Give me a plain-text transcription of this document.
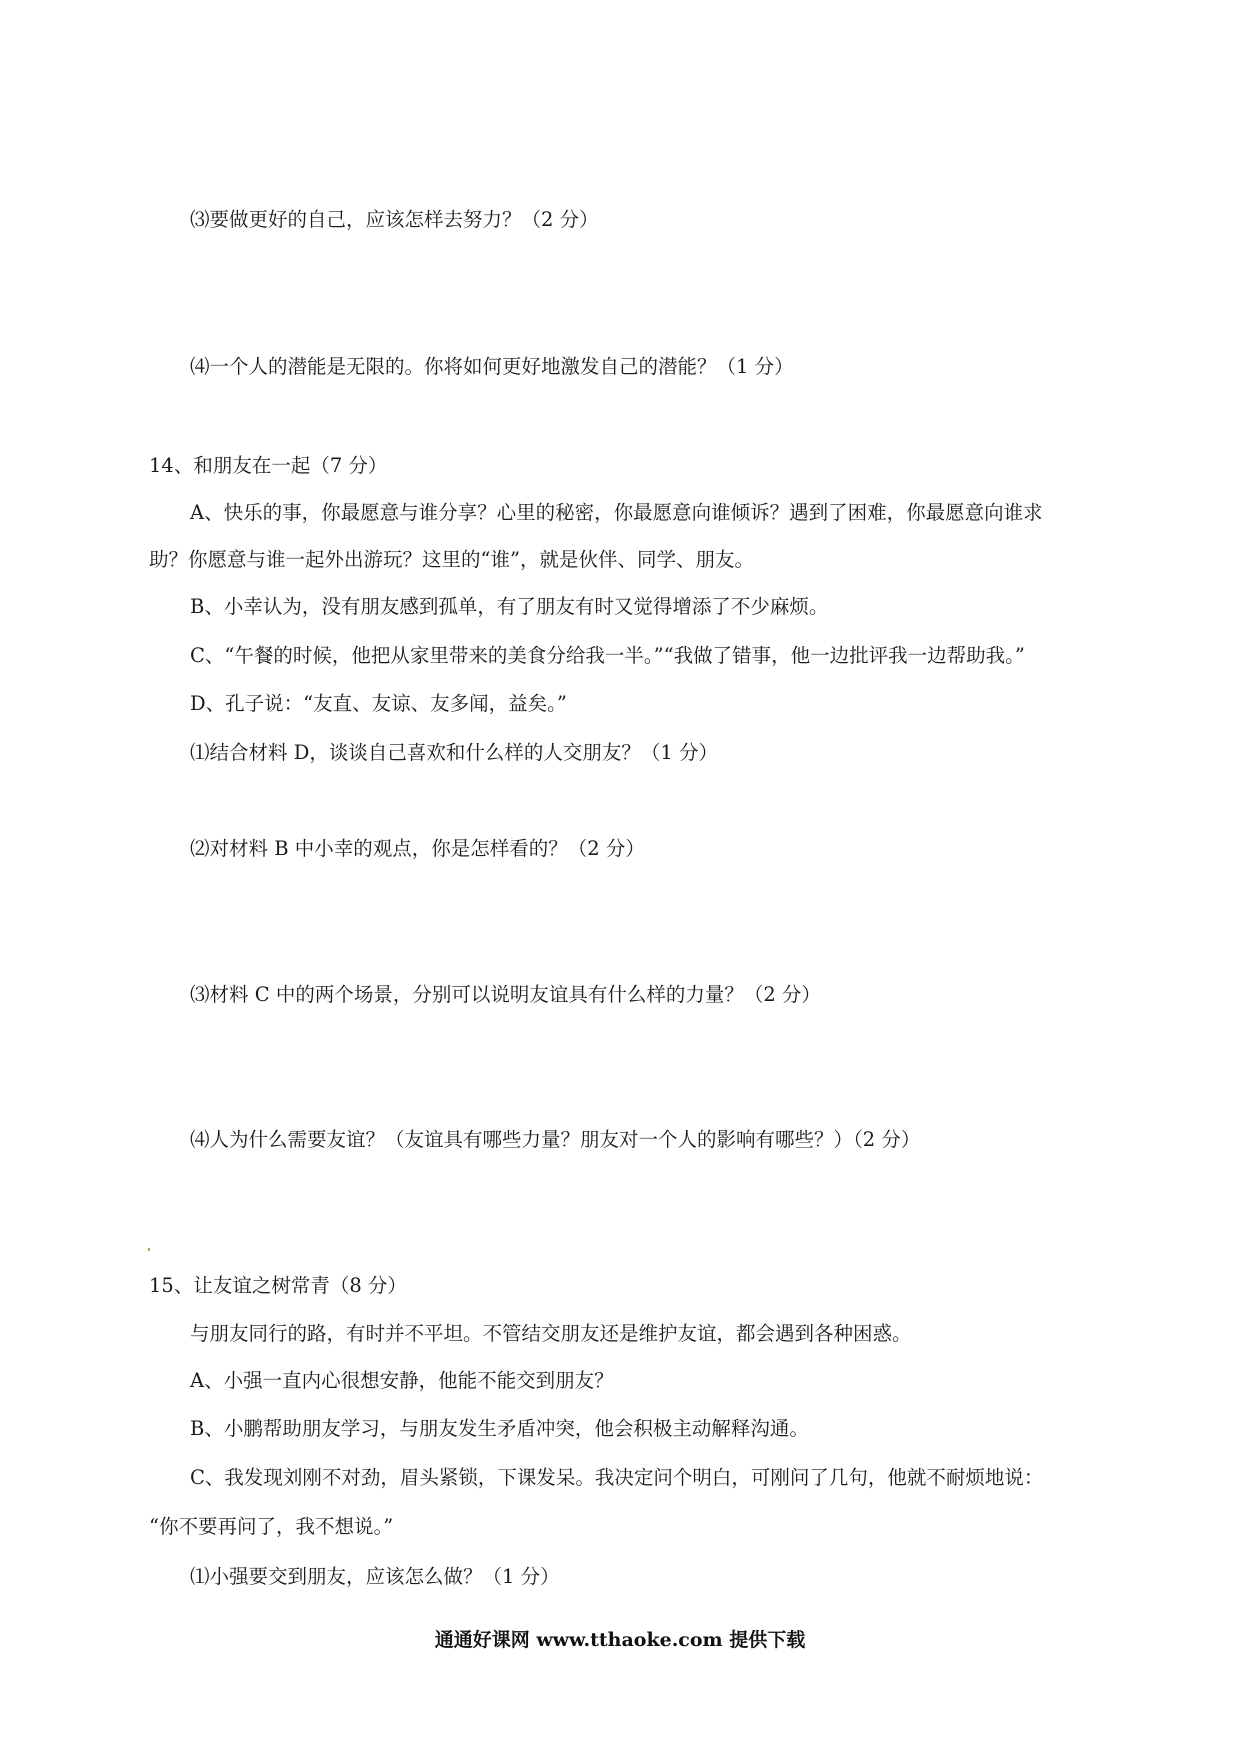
⑶要做更好的自己，应该怎样去努力？（2 分）
⑷一个人的潜能是无限的。你将如何更好地激发自己的潜能？（1 分）
14、和朋友在一起（7 分）
A、快乐的事，你最愿意与谁分享？心里的秘密，你最愿意向谁倾诉？遇到了困难，你最愿意向谁求
助？你愿意与谁一起外出游玩？这里的“谁”，就是伙伴、同学、朋友。
B、小幸认为，没有朋友感到孤单，有了朋友有时又觉得增添了不少麻烦。
C、“午餐的时候，他把从家里带来的美食分给我一半。”“我做了错事，他一边批评我一边帮助我。”
D、孔子说：“友直、友谅、友多闻，益矣。”
⑴结合材料 D，谈谈自己喜欢和什么样的人交朋友？（1 分）
⑵对材料 B 中小幸的观点，你是怎样看的？（2 分）
⑶材料 C 中的两个场景，分别可以说明友谊具有什么样的力量？（2 分）
⑷人为什么需要友谊？（友谊具有哪些力量？朋友对一个人的影响有哪些？）（2 分）
15、让友谊之树常青（8 分）
与朋友同行的路，有时并不平坦。不管结交朋友还是维护友谊，都会遇到各种困惑。
A、小强一直内心很想安静，他能不能交到朋友？
B、小鹏帮助朋友学习，与朋友发生矛盾冲突，他会积极主动解释沟通。
C、我发现刘刚不对劲，眉头紧锁，下课发呆。我决定问个明白，可刚问了几句，他就不耐烦地说：
“你不要再问了，我不想说。”
⑴小强要交到朋友，应该怎么做？（1 分）
通通好课网 www.tthaoke.com 提供下载
